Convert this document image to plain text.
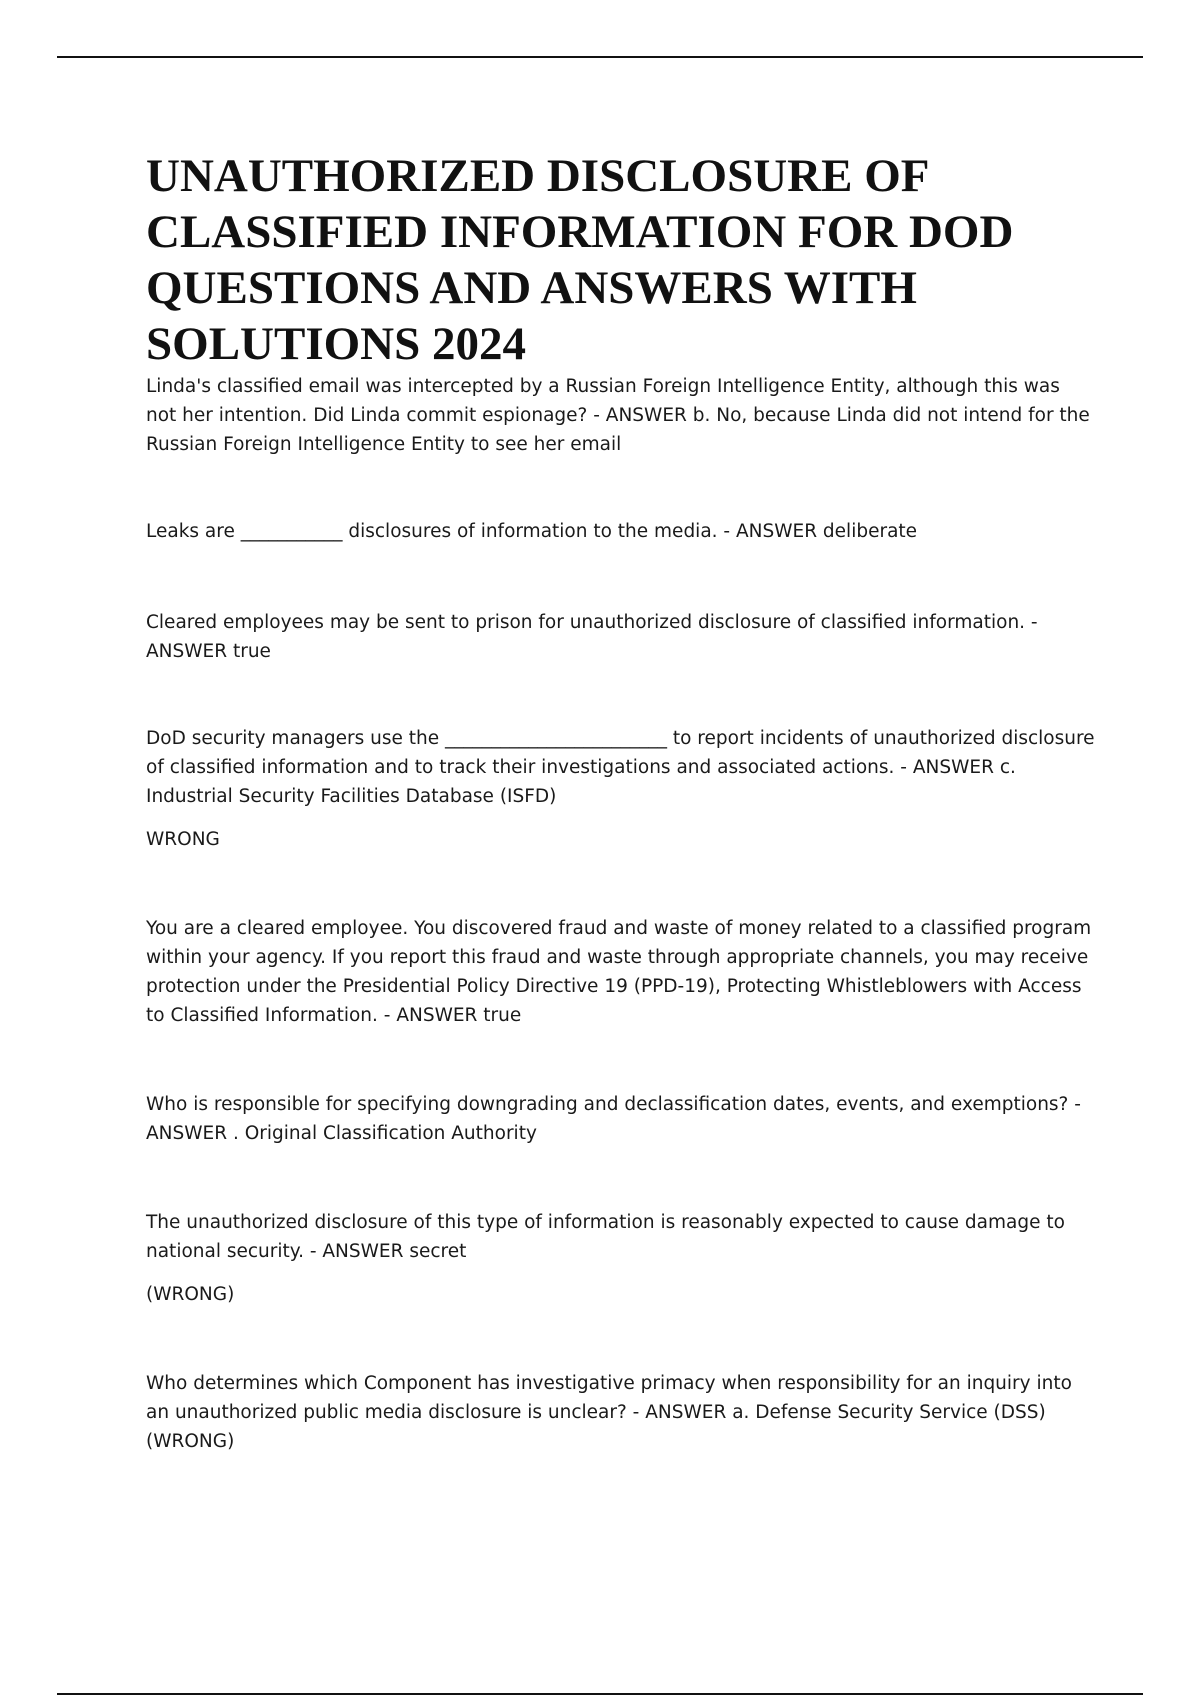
UNAUTHORIZED DISCLOSURE OF CLASSIFIED INFORMATION FOR DOD QUESTIONS AND ANSWERS WITH SOLUTIONS 2024

Linda's classified email was intercepted by a Russian Foreign Intelligence Entity, although this was not her intention. Did Linda commit espionage? - ANSWER b. No, because Linda did not intend for the Russian Foreign Intelligence Entity to see her email

Leaks are ___________ disclosures of information to the media. - ANSWER deliberate

Cleared employees may be sent to prison for unauthorized disclosure of classified information. - ANSWER true

DoD security managers use the ________________________ to report incidents of unauthorized disclosure of classified information and to track their investigations and associated actions. - ANSWER c. Industrial Security Facilities Database (ISFD)

WRONG

You are a cleared employee. You discovered fraud and waste of money related to a classified program within your agency. If you report this fraud and waste through appropriate channels, you may receive protection under the Presidential Policy Directive 19 (PPD-19), Protecting Whistleblowers with Access to Classified Information. - ANSWER true

Who is responsible for specifying downgrading and declassification dates, events, and exemptions? - ANSWER . Original Classification Authority

The unauthorized disclosure of this type of information is reasonably expected to cause damage to national security. - ANSWER secret

(WRONG)

Who determines which Component has investigative primacy when responsibility for an inquiry into an unauthorized public media disclosure is unclear? - ANSWER a. Defense Security Service (DSS) (WRONG)
